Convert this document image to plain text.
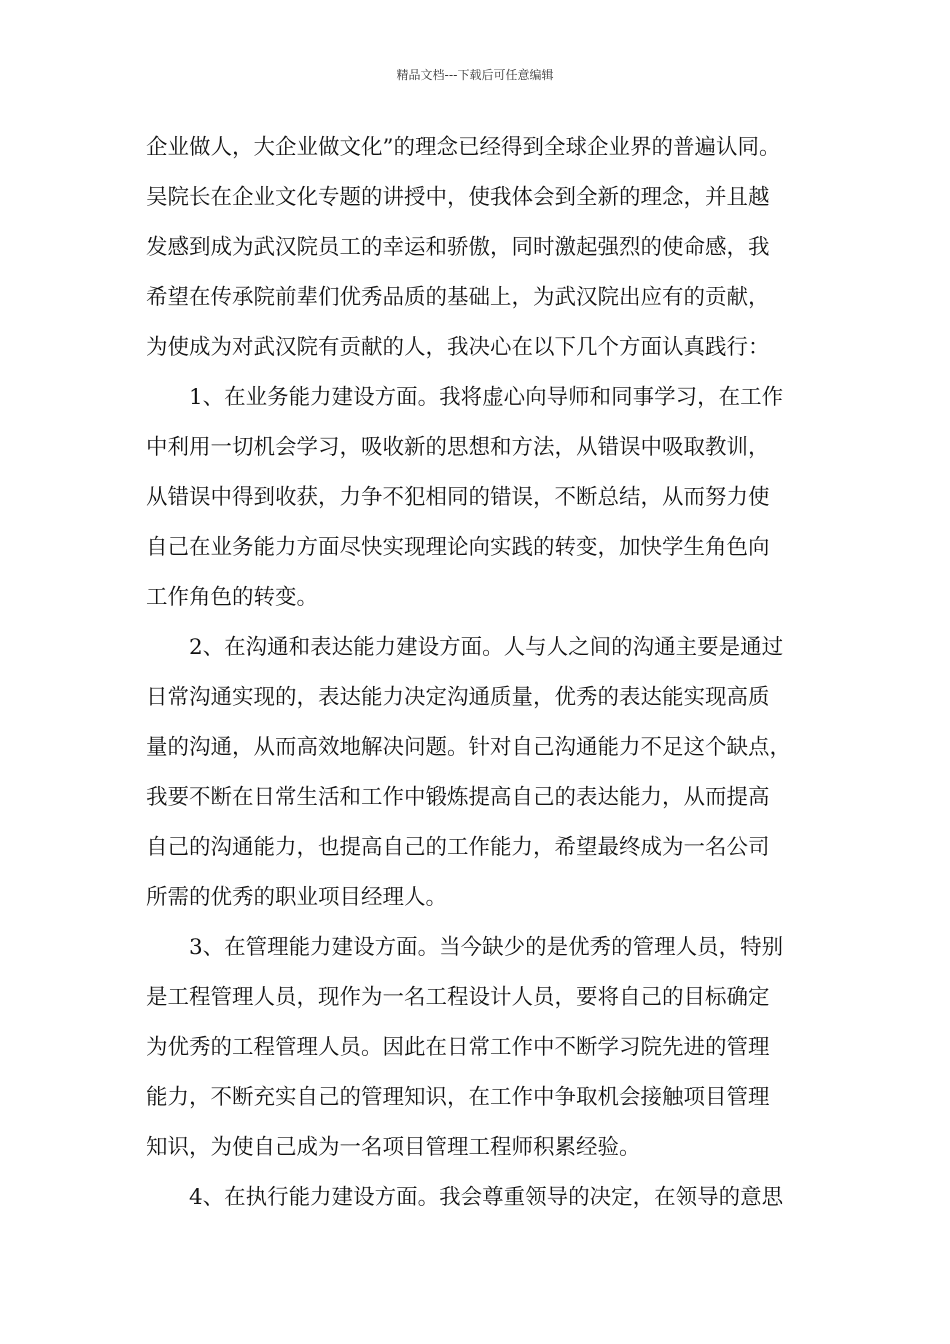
精品文档---下载后可任意编辑
企业做人，大企业做文化”的理念已经得到全球企业界的普遍认同。
吴院长在企业文化专题的讲授中，使我体会到全新的理念，并且越
发感到成为武汉院员工的幸运和骄傲，同时激起强烈的使命感，我
希望在传承院前辈们优秀品质的基础上，为武汉院出应有的贡献，
为使成为对武汉院有贡献的人，我决心在以下几个方面认真践行：
1、在业务能力建设方面。我将虚心向导师和同事学习，在工作
中利用一切机会学习，吸收新的思想和方法，从错误中吸取教训，
从错误中得到收获，力争不犯相同的错误，不断总结，从而努力使
自己在业务能力方面尽快实现理论向实践的转变，加快学生角色向
工作角色的转变。
2、在沟通和表达能力建设方面。人与人之间的沟通主要是通过
日常沟通实现的，表达能力决定沟通质量，优秀的表达能实现高质
量的沟通，从而高效地解决问题。针对自己沟通能力不足这个缺点，
我要不断在日常生活和工作中锻炼提高自己的表达能力，从而提高
自己的沟通能力，也提高自己的工作能力，希望最终成为一名公司
所需的优秀的职业项目经理人。
3、在管理能力建设方面。当今缺少的是优秀的管理人员，特别
是工程管理人员，现作为一名工程设计人员，要将自己的目标确定
为优秀的工程管理人员。因此在日常工作中不断学习院先进的管理
能力，不断充实自己的管理知识，在工作中争取机会接触项目管理
知识，为使自己成为一名项目管理工程师积累经验。
4、在执行能力建设方面。我会尊重领导的决定，在领导的意思
